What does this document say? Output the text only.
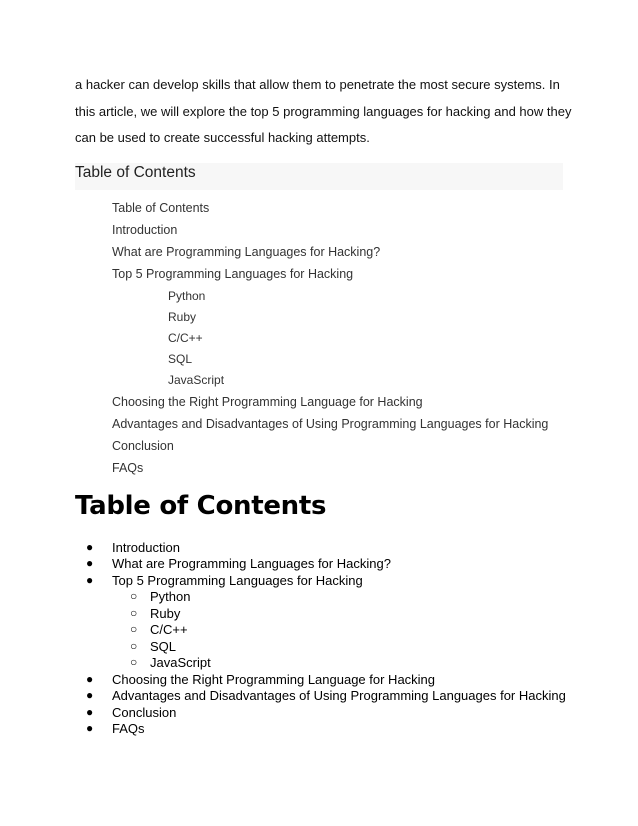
a hacker can develop skills that allow them to penetrate the most secure systems. In

this article, we will explore the top 5 programming languages for hacking and how they

can be used to create successful hacking attempts.

Table of Contents
Table of Contents
Introduction
What are Programming Languages for Hacking?
Top 5 Programming Languages for Hacking
Python
Ruby
C/C++
SQL
JavaScript
Choosing the Right Programming Language for Hacking
Advantages and Disadvantages of Using Programming Languages for Hacking
Conclusion
FAQs
Table of Contents
● Introduction
● What are Programming Languages for Hacking?
● Top 5 Programming Languages for Hacking
○ Python
○ Ruby
○ C/C++
○ SQL
○ JavaScript
● Choosing the Right Programming Language for Hacking
● Advantages and Disadvantages of Using Programming Languages for Hacking
● Conclusion
● FAQs
